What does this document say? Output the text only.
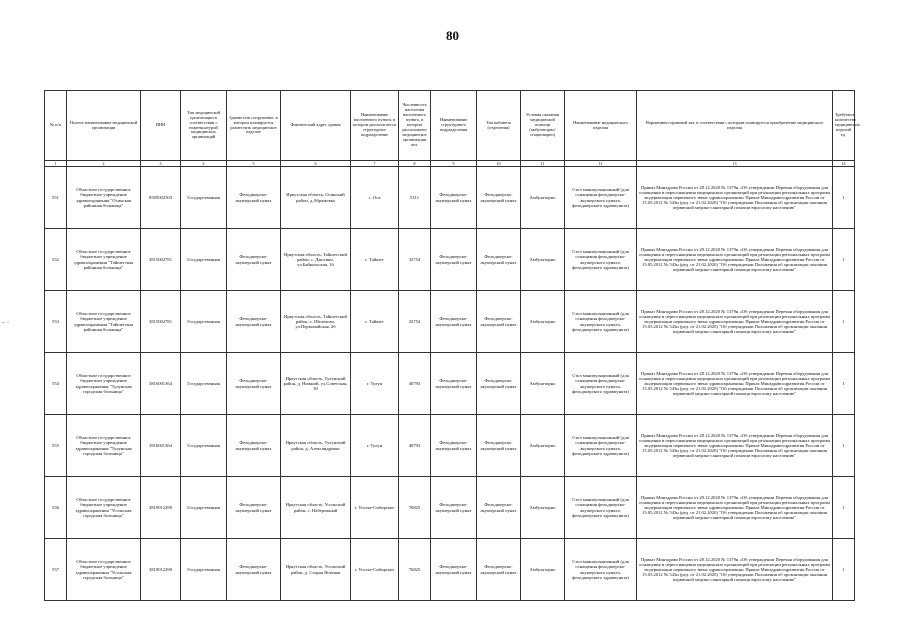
80
- ·
№ п/п	Полное наименование медицинской организации	ИНН	Тип медицинской организации в соответствии с номенклатурой медицинских организаций	Здание или сооружение, в котором планируется разместить медицинское изделие	Фактический адрес здания	Наименование населенного пункта, в котором располагается структурное подразделение	Численность населения населенного пункта, в котором расположено медицинское организации чел.	Наименование структурного подразделения	Тип кабинета (отделения)	Условия оказания медицинской помощи (амбулаторно/ стационарно)	Наименование медицинского изделия	Нормативно-правовой акт, в соответствии с которым планируется приобретение медицинского изделия	Требуемое количество медицинских изделий ед.	
1	2	3	4	5	6	7	8	9	10	11	12	13	14	
551	Областное государственное бюджетное учреждение здравоохранения "Осинская районная больница"	8505002503	Государственная	Фельдшерско-акушерский пункт	Иркутская область, Осинский район, д.Абрамовка	с. Оса	5311	Фельдшерско-акушерский пункт	Фельдшерско-акушерский пункт	Амбулаторно	Стол манипуляционный (для оснащения фельдшерско-акушерского пункта, фельдшерского здравпункта)	Приказ Минздрава России от 28.12.2020 № 1379н «Об утверждении Перечня оборудования для оснащения и переоснащения медицинских организаций при реализации региональных программ модернизации первичного звена здравоохранения» Приказ Минздравсоцразвития России от 15.05.2012 № 543н (ред. от 21.02.2020) "Об утверждении Положения об организации оказания первичной медико-санитарной помощи взрослому населению"	1	
552	Областное государственное бюджетное учреждение здравоохранения "Тайшетская районная больница"	3815002781	Государственная	Фельдшерско-акушерский пункт	Иркутская область, Тайшетский район, с. Джогино, ул.Байкальская, 16	г. Тайшет	32754	Фельдшерско-акушерский пункт	Фельдшерско-акушерский пункт	Амбулаторно	Стол манипуляционный (для оснащения фельдшерско-акушерского пункта, фельдшерского здравпункта)	Приказ Минздрава России от 28.12.2020 № 1379н «Об утверждении Перечня оборудования для оснащения и переоснащения медицинских организаций при реализации региональных программ модернизации первичного звена здравоохранения» Приказ Минздравсоцразвития России от 15.05.2012 № 543н (ред. от 21.02.2020) "Об утверждении Положения об организации оказания первичной медико-санитарной помощи взрослому населению"	1	
553	Областное государственное бюджетное учреждение здравоохранения "Тайшетская районная больница"	3815002781	Государственная	Фельдшерско-акушерский пункт	Иркутская область, Тайшетский район, с. Шелехово, ул.Первомайская, 2б	г. Тайшет	32754	Фельдшерско-акушерский пункт	Фельдшерско-акушерский пункт	Амбулаторно	Стол манипуляционный (для оснащения фельдшерско-акушерского пункта, фельдшерского здравпункта)	Приказ Минздрава России от 28.12.2020 № 1379н «Об утверждении Перечня оборудования для оснащения и переоснащения медицинских организаций при реализации региональных программ модернизации первичного звена здравоохранения» Приказ Минздравсоцразвития России от 15.05.2012 № 543н (ред. от 21.02.2020) "Об утверждении Положения об организации оказания первичной медико-санитарной помощи взрослому населению"	1	
554	Областное государственное бюджетное учреждение здравоохранения "Тулунская городская больница"	3816001364	Государственная	Фельдшерско-акушерский пункт	Иркутская область, Тулунский район, д. Нижний, ул.Советская, 30	г. Тулун	40793	Фельдшерско-акушерский пункт	Фельдшерско-акушерский пункт	Амбулаторно	Стол манипуляционный (для оснащения фельдшерско-акушерского пункта, фельдшерского здравпункта)	Приказ Минздрава России от 28.12.2020 № 1379н «Об утверждении Перечня оборудования для оснащения и переоснащения медицинских организаций при реализации региональных программ модернизации первичного звена здравоохранения» Приказ Минздравсоцразвития России от 15.05.2012 № 543н (ред. от 21.02.2020) "Об утверждении Положения об организации оказания первичной медико-санитарной помощи взрослому населению"	1	
555	Областное государственное бюджетное учреждение здравоохранения "Тулунская городская больница"	3816001364	Государственная	Фельдшерско-акушерский пункт	Иркутская область, Тулунский район, д. Александровка	г. Тулун	40793	Фельдшерско-акушерский пункт	Фельдшерско-акушерский пункт	Амбулаторно	Стол манипуляционный (для оснащения фельдшерско-акушерского пункта, фельдшерского здравпункта)	Приказ Минздрава России от 28.12.2020 № 1379н «Об утверждении Перечня оборудования для оснащения и переоснащения медицинских организаций при реализации региональных программ модернизации первичного звена здравоохранения» Приказ Минздравсоцразвития России от 15.05.2012 № 543н (ред. от 21.02.2020) "Об утверждении Положения об организации оказания первичной медико-санитарной помощи взрослому населению"	1	
556	Областное государственное бюджетное учреждение здравоохранения "Усольская городская больница"	3819012290	Государственная	Фельдшерско-акушерский пункт	Иркутская область, Усольский район, с. Набережный	г. Усолье-Сибирское	76825	Фельдшерско-акушерский пункт	Фельдшерско-акушерский пункт	Амбулаторно	Стол манипуляционный (для оснащения фельдшерско-акушерского пункта, фельдшерского здравпункта)	Приказ Минздрава России от 28.12.2020 № 1379н «Об утверждении Перечня оборудования для оснащения и переоснащения медицинских организаций при реализации региональных программ модернизации первичного звена здравоохранения» Приказ Минздравсоцразвития России от 15.05.2012 № 543н (ред. от 21.02.2020) "Об утверждении Положения об организации оказания первичной медико-санитарной помощи взрослому населению"	1	
557	Областное государственное бюджетное учреждение здравоохранения "Усольская городская больница"	3819012290	Государственная	Фельдшерско-акушерский пункт	Иркутская область, Усольский район, д. Старая Ясачная	г. Усолье-Сибирское	76825	Фельдшерско-акушерский пункт	Фельдшерско-акушерский пункт	Амбулаторно	Стол манипуляционный (для оснащения фельдшерско-акушерского пункта, фельдшерского здравпункта)	Приказ Минздрава России от 28.12.2020 № 1379н «Об утверждении Перечня оборудования для оснащения и переоснащения медицинских организаций при реализации региональных программ модернизации первичного звена здравоохранения» Приказ Минздравсоцразвития России от 15.05.2012 № 543н (ред. от 21.02.2020) "Об утверждении Положения об организации оказания первичной медико-санитарной помощи взрослому населению"	1	
